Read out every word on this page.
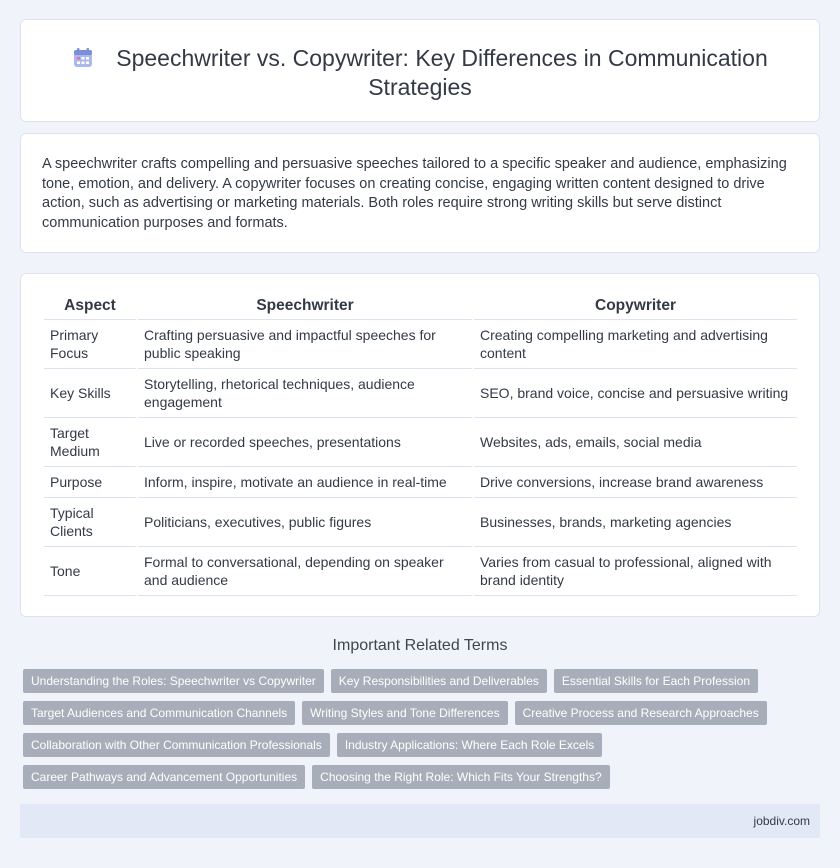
Speechwriter vs. Copywriter: Key Differences in Communication Strategies

A speechwriter crafts compelling and persuasive speeches tailored to a specific speaker and audience, emphasizing tone, emotion, and delivery. A copywriter focuses on creating concise, engaging written content designed to drive action, such as advertising or marketing materials. Both roles require strong writing skills but serve distinct communication purposes and formats.

Aspect	Speechwriter	Copywriter
Primary Focus	Crafting persuasive and impactful speeches for public speaking	Creating compelling marketing and advertising content
Key Skills	Storytelling, rhetorical techniques, audience engagement	SEO, brand voice, concise and persuasive writing
Target Medium	Live or recorded speeches, presentations	Websites, ads, emails, social media
Purpose	Inform, inspire, motivate an audience in real-time	Drive conversions, increase brand awareness
Typical Clients	Politicians, executives, public figures	Businesses, brands, marketing agencies
Tone	Formal to conversational, depending on speaker and audience	Varies from casual to professional, aligned with brand identity
Important Related Terms
Understanding the Roles: Speechwriter vs Copywriter	Key Responsibilities and Deliverables	Essential Skills for Each Profession
Target Audiences and Communication Channels	Writing Styles and Tone Differences	Creative Process and Research Approaches
Collaboration with Other Communication Professionals	Industry Applications: Where Each Role Excels
Career Pathways and Advancement Opportunities	Choosing the Right Role: Which Fits Your Strengths?
jobdiv.com
